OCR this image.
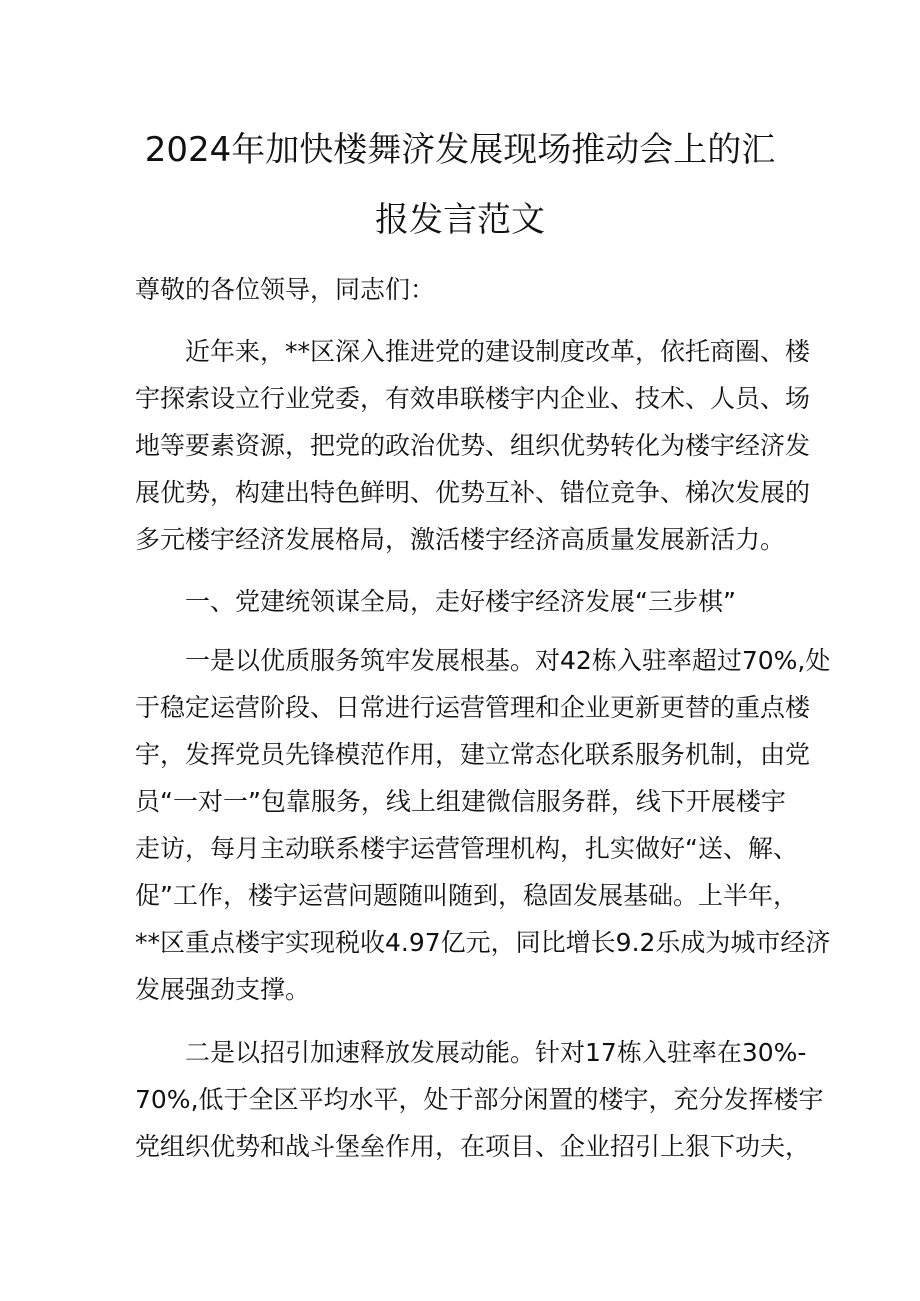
2024年加快楼舞济发展现场推动会上的汇
报发言范文

尊敬的各位领导，同志们：

近年来，**区深入推进党的建设制度改革，依托商圈、楼

宇探索设立行业党委，有效串联楼宇内企业、技术、人员、场

地等要素资源，把党的政治优势、组织优势转化为楼宇经济发

展优势，构建出特色鲜明、优势互补、错位竞争、梯次发展的

多元楼宇经济发展格局，激活楼宇经济高质量发展新活力。

一、党建统领谋全局，走好楼宇经济发展“三步棋”

一是以优质服务筑牢发展根基。对42栋入驻率超过70%,处

于稳定运营阶段、日常进行运营管理和企业更新更替的重点楼

宇，发挥党员先锋模范作用，建立常态化联系服务机制，由党

员“一对一”包靠服务，线上组建微信服务群，线下开展楼宇

走访，每月主动联系楼宇运营管理机构，扎实做好“送、解、

促”工作，楼宇运营问题随叫随到，稳固发展基础。上半年，

**区重点楼宇实现税收4.97亿元，同比增长9.2乐成为城市经济

发展强劲支撑。

二是以招引加速释放发展动能。针对17栋入驻率在30%-

70%,低于全区平均水平，处于部分闲置的楼宇，充分发挥楼宇

党组织优势和战斗堡垒作用，在项目、企业招引上狠下功夫，
